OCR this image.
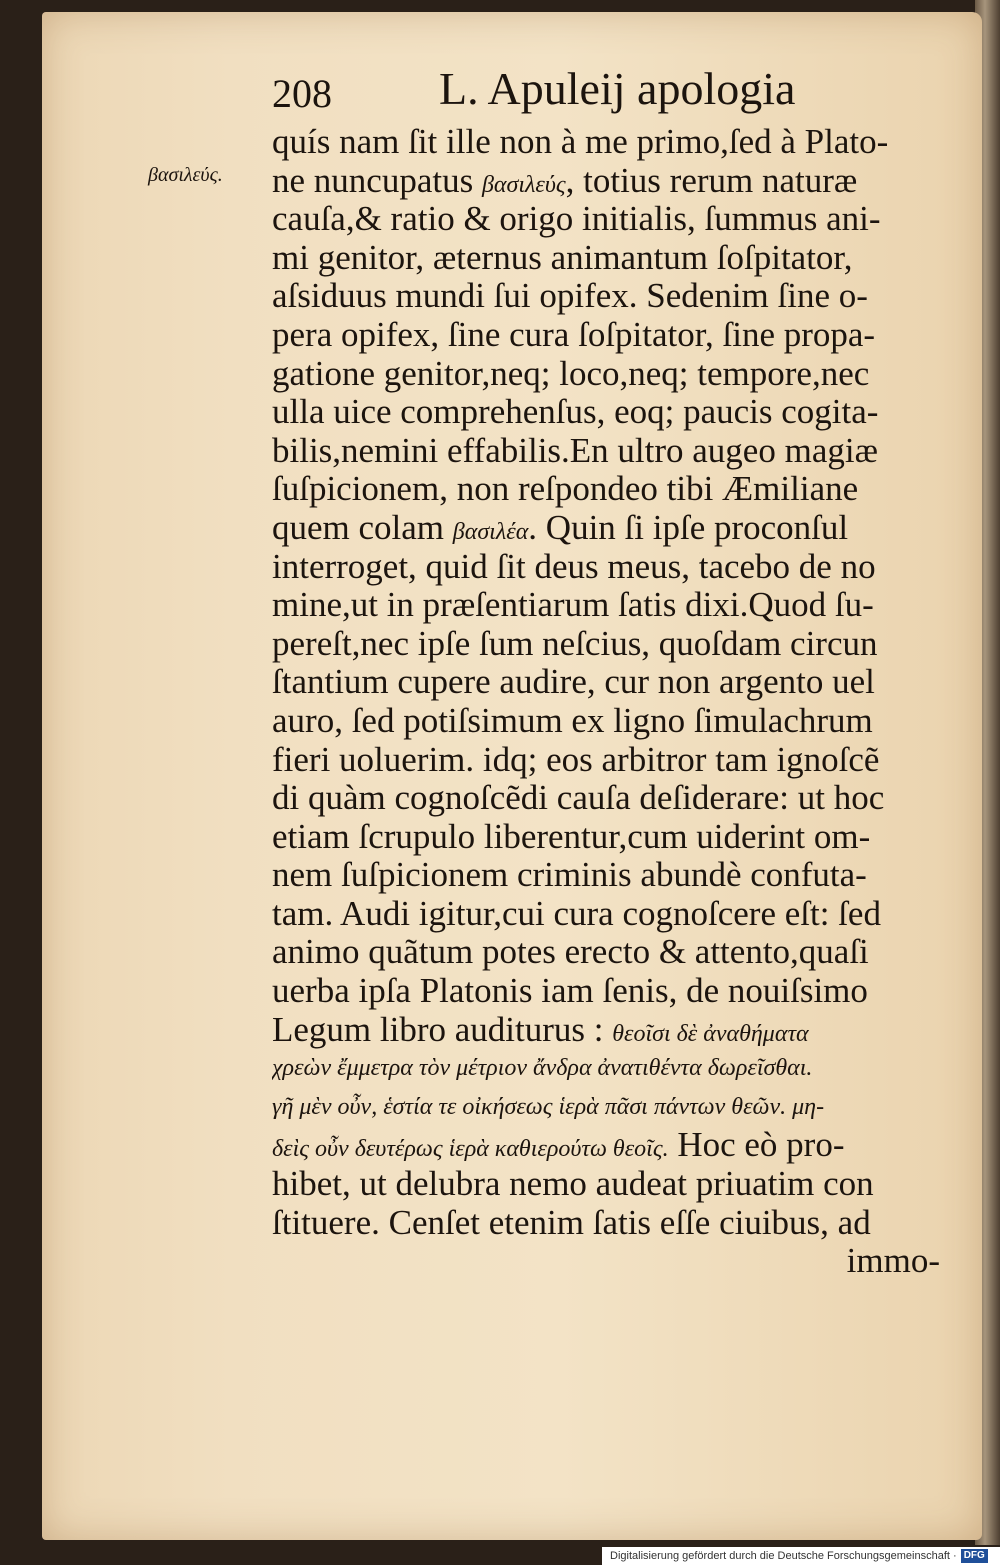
208 L. Apuleij apologia
βασιλεύς.
quís nam ſit ille non à me primo,ſed à Plato-
ne nuncupatus βασιλεύς, totius rerum naturæ
cauſa,& ratio & origo initialis, ſummus ani-
mi genitor, æternus animantum ſoſpitator,
aſsiduus mundi ſui opifex. Sedenim ſine o-
pera opifex, ſine cura ſoſpitator, ſine propa-
gatione genitor,neq; loco,neq; tempore,nec
ulla uice comprehenſus, eoq; paucis cogita-
bilis,nemini effabilis.En ultro augeo magiæ
ſuſpicionem, non reſpondeo tibi Æmiliane
quem colam βασιλέα. Quin ſi ipſe proconſul
interroget, quid ſit deus meus, tacebo de no
mine,ut in præſentiarum ſatis dixi.Quod ſu-
pereſt,nec ipſe ſum neſcius, quoſdam circun
ſtantium cupere audire, cur non argento uel
auro, ſed potiſsimum ex ligno ſimulachrum
fieri uoluerim. idq; eos arbitror tam ignoſcẽ
di quàm cognoſcẽdi cauſa deſiderare: ut hoc
etiam ſcrupulo liberentur,cum uiderint om-
nem ſuſpicionem criminis abundè confuta-
tam. Audi igitur,cui cura cognoſcere eſt: ſed
animo quãtum potes erecto & attento,quaſi
uerba ipſa Platonis iam ſenis, de nouiſsimo
Legum libro auditurus : θεοῖσι δὲ ἀναθήματα
χρεὼν ἔμμετρα τὸν μέτριον ἄνδρα ἀνατιθέντα δωρεῖσθαι.
γῆ μὲν οὖν, ἑστία τε οἰκήσεως ἱερὰ πᾶσι πάντων θεῶν. μη-
δεὶς οὖν δευτέρως ἱερὰ καθιερούτω θεοῖς. Hoc eò pro-
hibet, ut delubra nemo audeat priuatim con
ſtituere. Cenſet etenim ſatis eſſe ciuibus, ad
immo-
Digitalisierung gefördert durch die Deutsche Forschungsgemeinschaft · DFG
